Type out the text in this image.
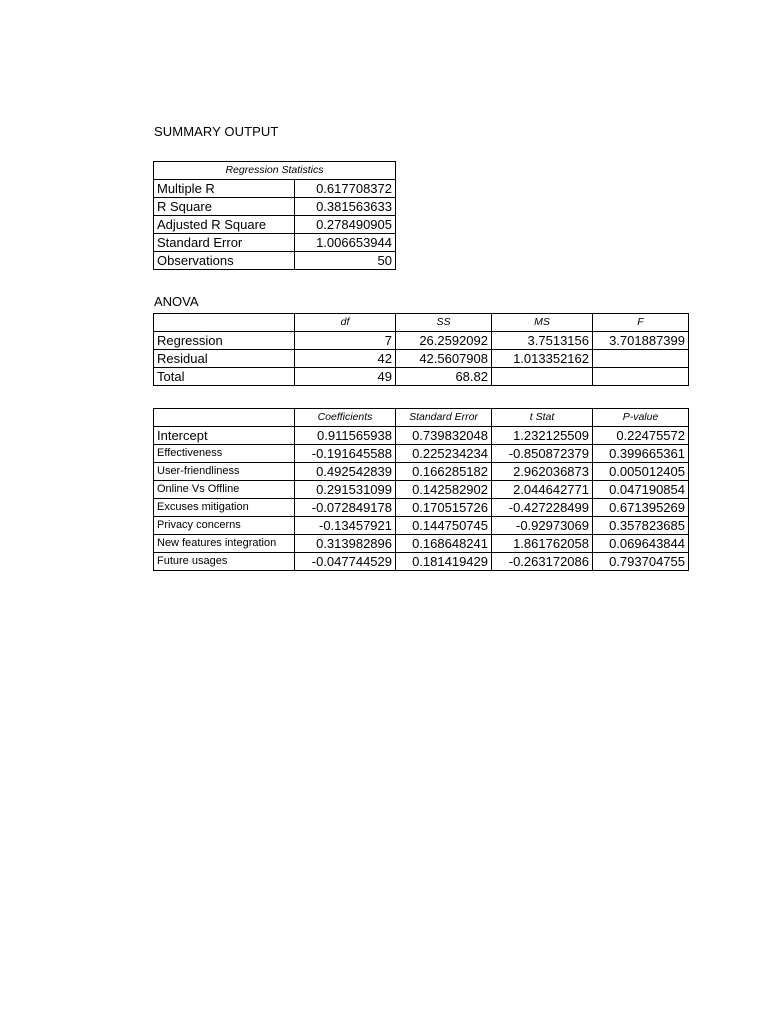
SUMMARY OUTPUT
Regression Statistics	
Multiple R	0.617708372
R Square	0.381563633
Adjusted R Square	0.278490905
Standard Error	1.006653944
Observations	50
ANOVA
	df	SS	MS	F
Regression	7	26.2592092	3.7513156	3.701887399
Residual	42	42.5607908	1.013352162	
Total	49	68.82		
	Coefficients	Standard Error	t Stat	P-value
Intercept	0.911565938	0.739832048	1.232125509	0.22475572
Effectiveness	-0.191645588	0.225234234	-0.850872379	0.399665361
User-friendliness	0.492542839	0.166285182	2.962036873	0.005012405
Online Vs Offline	0.291531099	0.142582902	2.044642771	0.047190854
Excuses mitigation	-0.072849178	0.170515726	-0.427228499	0.671395269
Privacy concerns	-0.13457921	0.144750745	-0.92973069	0.357823685
New features integration	0.313982896	0.168648241	1.861762058	0.069643844
Future usages	-0.047744529	0.181419429	-0.263172086	0.793704755
